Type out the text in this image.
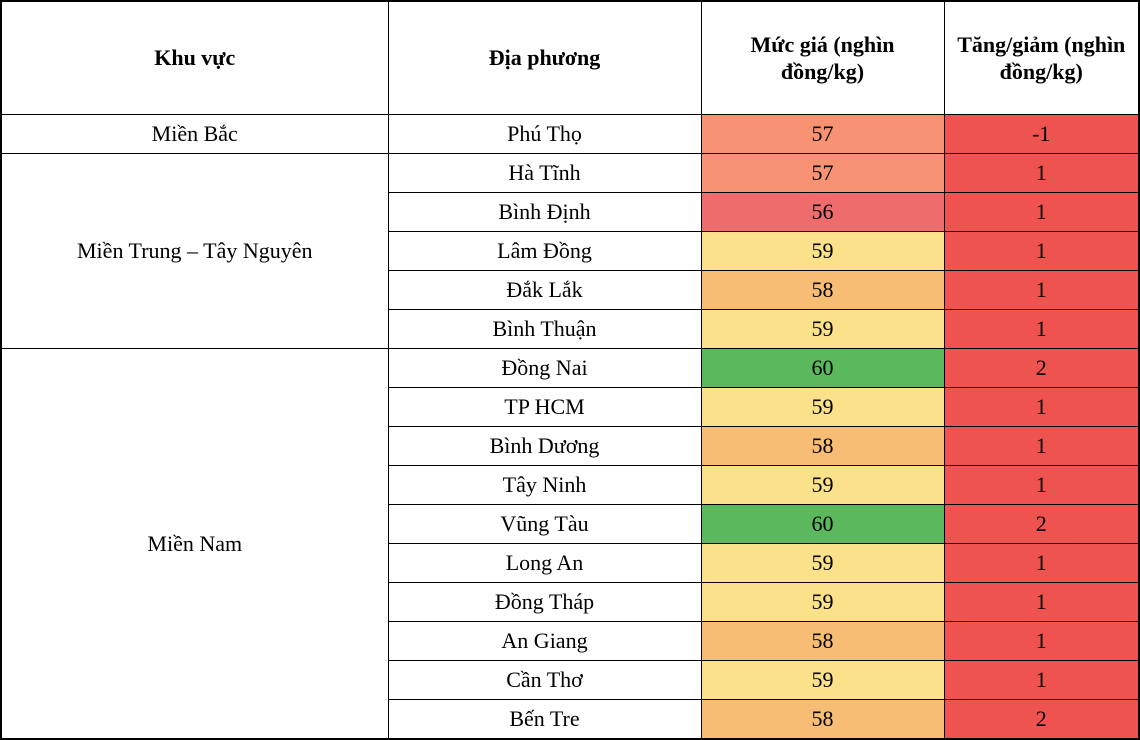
Khu vực	Địa phương	Mức giá (nghìn đồng/kg)	Tăng/giảm (nghìn đồng/kg)
Miền Bắc	Phú Thọ	57	-1

Miền Trung – Tây Nguyên	Hà Tĩnh	57	1

	Bình Định	56	1

	Lâm Đồng	59	1

	Đắk Lắk	58	1

	Bình Thuận	59	1

Miền Nam	Đồng Nai	60	2

	TP HCM	59	1

	Bình Dương	58	1

	Tây Ninh	59	1

	Vũng Tàu	60	2

	Long An	59	1

	Đồng Tháp	59	1

	An Giang	58	1

	Cần Thơ	59	1

	Bến Tre	58	2
